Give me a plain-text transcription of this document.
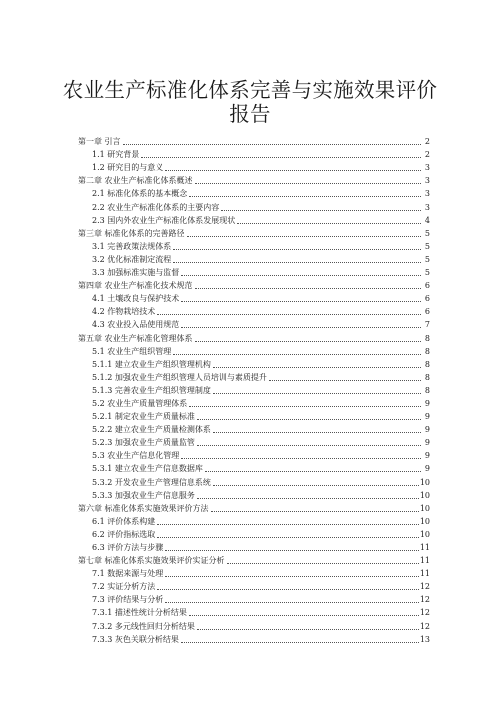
农业生产标准化体系完善与实施效果评价
报告
第一章 引言	2
1.1 研究背景	2
1.2 研究目的与意义	3
第二章 农业生产标准化体系概述	3
2.1 标准化体系的基本概念	3
2.2 农业生产标准化体系的主要内容	3
2.3 国内外农业生产标准化体系发展现状	4
第三章 标准化体系的完善路径	5
3.1 完善政策法规体系	5
3.2 优化标准制定流程	5
3.3 加强标准实施与监督	5
第四章 农业生产标准化技术规范	6
4.1 土壤改良与保护技术	6
4.2 作物栽培技术	6
4.3 农业投入品使用规范	7
第五章 农业生产标准化管理体系	8
5.1 农业生产组织管理	8
5.1.1 建立农业生产组织管理机构	8
5.1.2 加强农业生产组织管理人员培训与素质提升	8
5.1.3 完善农业生产组织管理制度	8
5.2 农业生产质量管理体系	9
5.2.1 制定农业生产质量标准	9
5.2.2 建立农业生产质量检测体系	9
5.2.3 加强农业生产质量监管	9
5.3 农业生产信息化管理	9
5.3.1 建立农业生产信息数据库	9
5.3.2 开发农业生产管理信息系统	10
5.3.3 加强农业生产信息服务	10
第六章 标准化体系实施效果评价方法	10
6.1 评价体系构建	10
6.2 评价指标选取	10
6.3 评价方法与步骤	11
第七章 标准化体系实施效果评价实证分析	11
7.1 数据来源与处理	11
7.2 实证分析方法	12
7.3 评价结果与分析	12
7.3.1 描述性统计分析结果	12
7.3.2 多元线性回归分析结果	12
7.3.3 灰色关联分析结果	13
